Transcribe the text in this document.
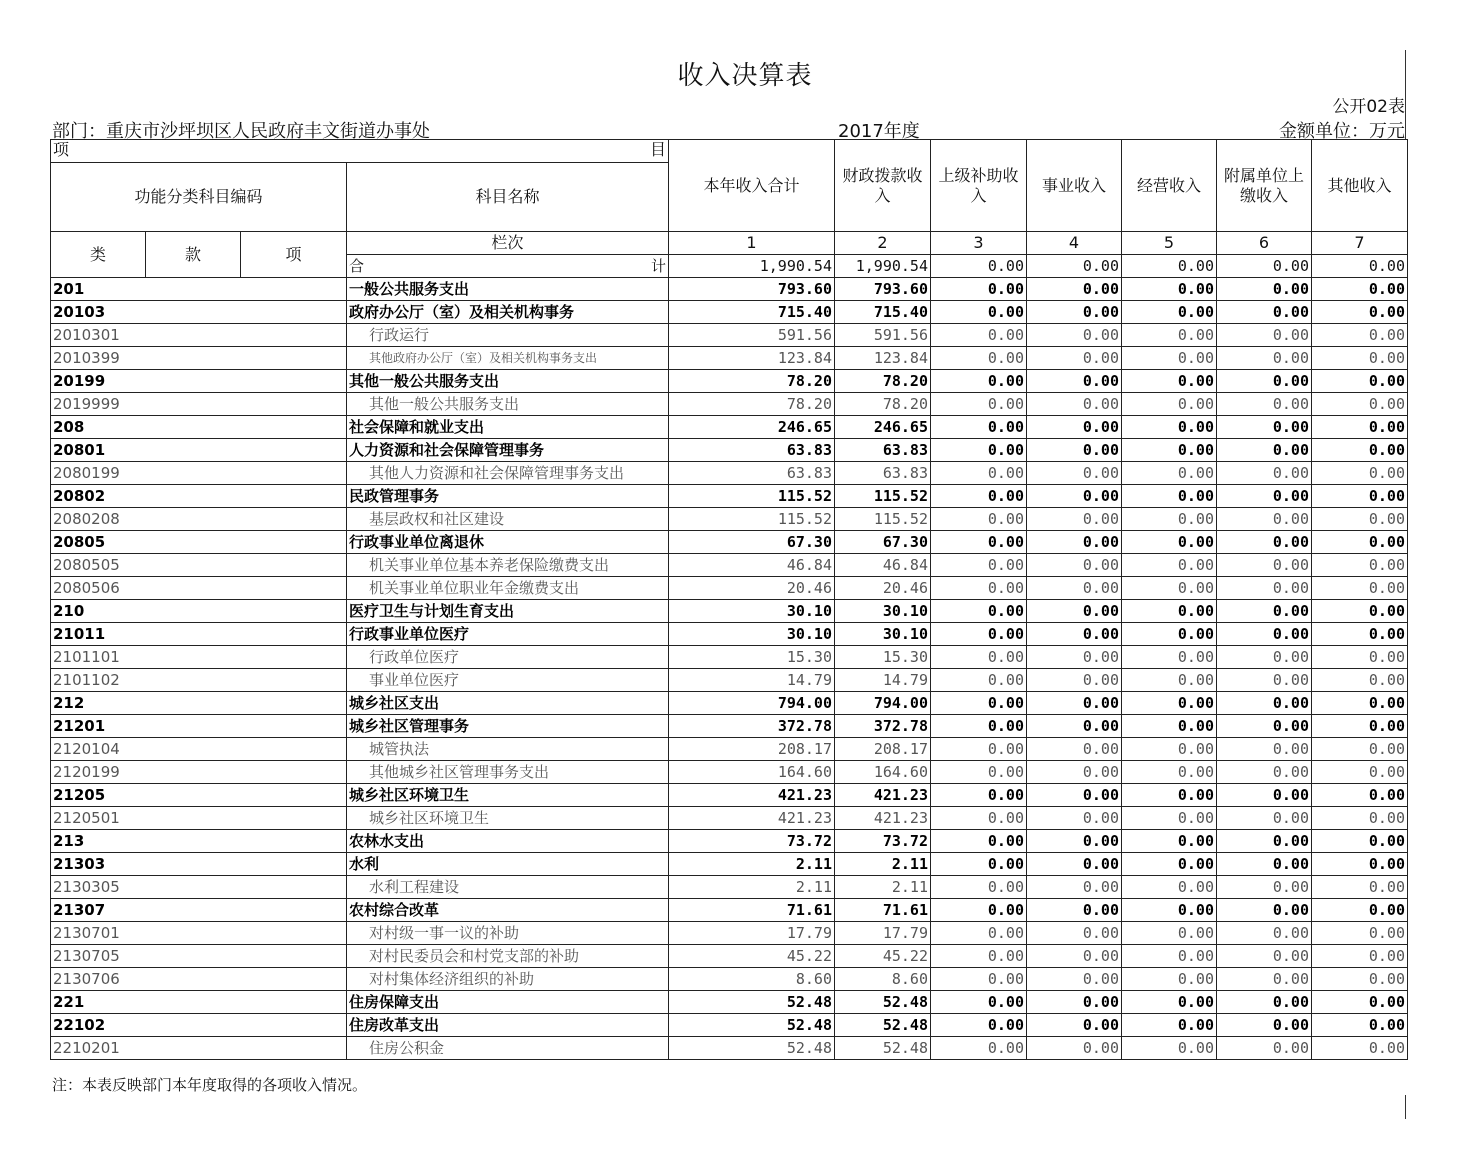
收入决算表
公开02表
部门：重庆市沙坪坝区人民政府丰文街道办事处	2017年度	金额单位：万元
项 目				本年收入合计	财政拨款收入	上级补助收入	事业收入	经营收入	附属单位上缴收入	其他收入
功能分类科目编码			科目名称							
类	款	项	栏次	1	2	3	4	5	6	7

			合 计	1,990.54	1,990.54	0.00	0.00	0.00	0.00	0.00
201			一般公共服务支出	793.60	793.60	0.00	0.00	0.00	0.00	0.00
20103			政府办公厅（室）及相关机构事务	715.40	715.40	0.00	0.00	0.00	0.00	0.00
2010301			行政运行	591.56	591.56	0.00	0.00	0.00	0.00	0.00
2010399			其他政府办公厅（室）及相关机构事务支出	123.84	123.84	0.00	0.00	0.00	0.00	0.00
20199			其他一般公共服务支出	78.20	78.20	0.00	0.00	0.00	0.00	0.00
2019999			其他一般公共服务支出	78.20	78.20	0.00	0.00	0.00	0.00	0.00
208			社会保障和就业支出	246.65	246.65	0.00	0.00	0.00	0.00	0.00
20801			人力资源和社会保障管理事务	63.83	63.83	0.00	0.00	0.00	0.00	0.00
2080199			其他人力资源和社会保障管理事务支出	63.83	63.83	0.00	0.00	0.00	0.00	0.00
20802			民政管理事务	115.52	115.52	0.00	0.00	0.00	0.00	0.00
2080208			基层政权和社区建设	115.52	115.52	0.00	0.00	0.00	0.00	0.00
20805			行政事业单位离退休	67.30	67.30	0.00	0.00	0.00	0.00	0.00
2080505			机关事业单位基本养老保险缴费支出	46.84	46.84	0.00	0.00	0.00	0.00	0.00
2080506			机关事业单位职业年金缴费支出	20.46	20.46	0.00	0.00	0.00	0.00	0.00
210			医疗卫生与计划生育支出	30.10	30.10	0.00	0.00	0.00	0.00	0.00
21011			行政事业单位医疗	30.10	30.10	0.00	0.00	0.00	0.00	0.00
2101101			行政单位医疗	15.30	15.30	0.00	0.00	0.00	0.00	0.00
2101102			事业单位医疗	14.79	14.79	0.00	0.00	0.00	0.00	0.00
212			城乡社区支出	794.00	794.00	0.00	0.00	0.00	0.00	0.00
21201			城乡社区管理事务	372.78	372.78	0.00	0.00	0.00	0.00	0.00
2120104			城管执法	208.17	208.17	0.00	0.00	0.00	0.00	0.00
2120199			其他城乡社区管理事务支出	164.60	164.60	0.00	0.00	0.00	0.00	0.00
21205			城乡社区环境卫生	421.23	421.23	0.00	0.00	0.00	0.00	0.00
2120501			城乡社区环境卫生	421.23	421.23	0.00	0.00	0.00	0.00	0.00
213			农林水支出	73.72	73.72	0.00	0.00	0.00	0.00	0.00
21303			水利	2.11	2.11	0.00	0.00	0.00	0.00	0.00
2130305			水利工程建设	2.11	2.11	0.00	0.00	0.00	0.00	0.00
21307			农村综合改革	71.61	71.61	0.00	0.00	0.00	0.00	0.00
2130701			对村级一事一议的补助	17.79	17.79	0.00	0.00	0.00	0.00	0.00
2130705			对村民委员会和村党支部的补助	45.22	45.22	0.00	0.00	0.00	0.00	0.00
2130706			对村集体经济组织的补助	8.60	8.60	0.00	0.00	0.00	0.00	0.00
221			住房保障支出	52.48	52.48	0.00	0.00	0.00	0.00	0.00
22102			住房改革支出	52.48	52.48	0.00	0.00	0.00	0.00	0.00
2210201			住房公积金	52.48	52.48	0.00	0.00	0.00	0.00	0.00
注：本表反映部门本年度取得的各项收入情况。
